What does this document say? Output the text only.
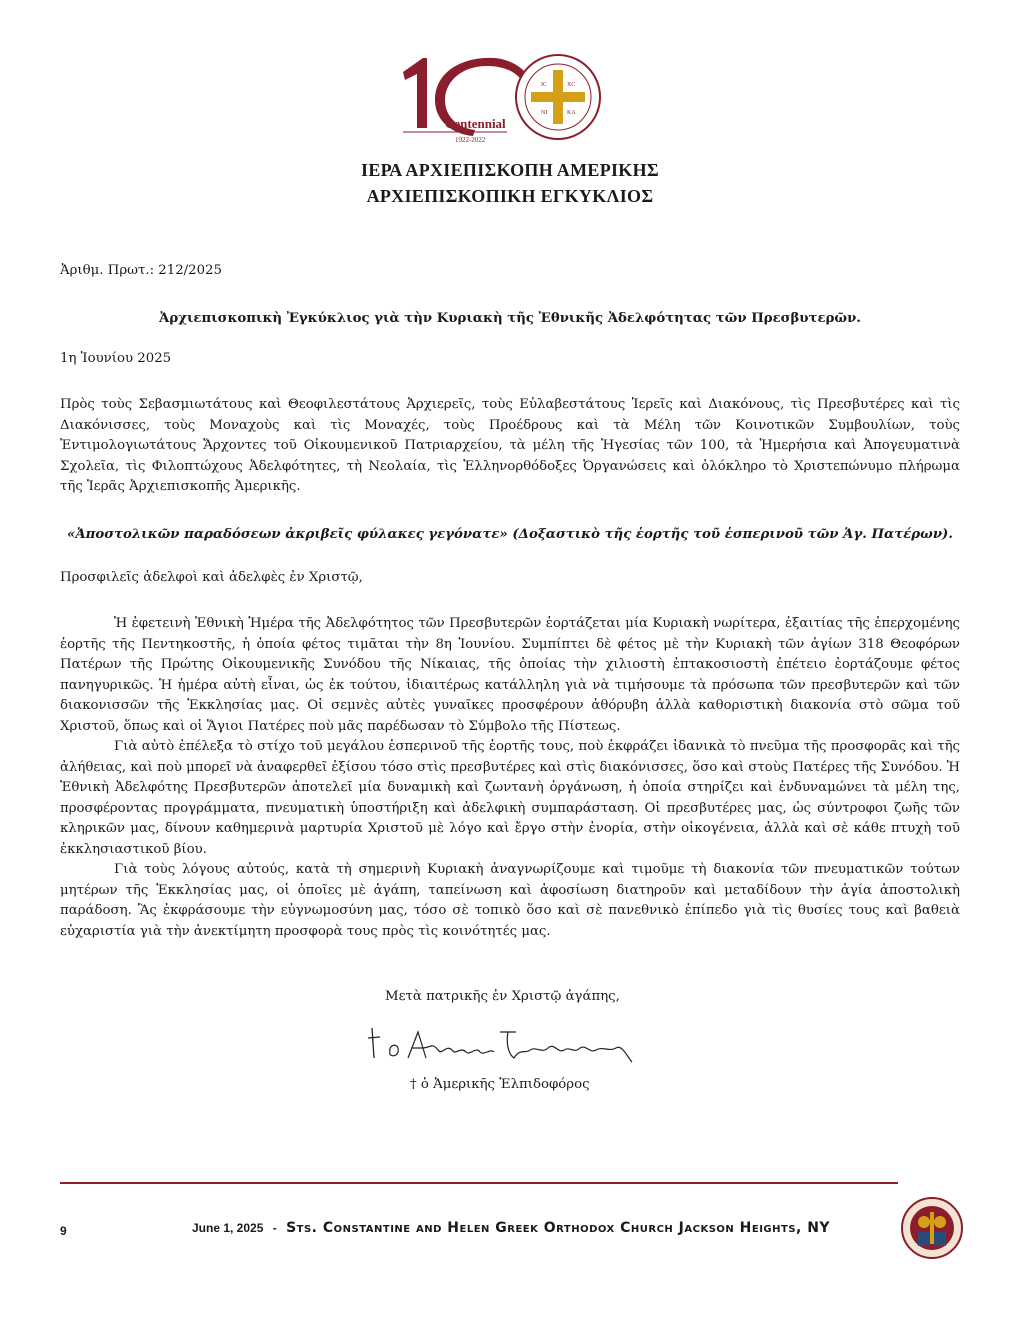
Centennial
1922-2022
IC	XC
NI	KA
ΙΕΡΑ ΑΡΧΙΕΠΙΣΚΟΠΗ ΑΜΕΡΙΚΗΣ
ΑΡΧΙΕΠΙΣΚΟΠΙΚΗ ΕΓΚΥΚΛΙΟΣ
Ἀριθμ. Πρωτ.: 212/2025
Ἀρχιεπισκοπικὴ Ἐγκύκλιος γιὰ τὴν Κυριακὴ τῆς Ἐθνικῆς Ἀδελφότητας τῶν Πρεσβυτερῶν.
1η Ἰουνίου 2025

Πρὸς τοὺς Σεβασμιωτάτους καὶ Θεοφιλεστάτους Ἀρχιερεῖς, τοὺς Εὐλαβεστάτους Ἱερεῖς καὶ Διακόνους, τὶς Πρεσβυτέρες καὶ τὶς Διακόνισσες, τοὺς Μοναχοὺς καὶ τὶς Μοναχές, τοὺς Προέδρους καὶ τὰ Μέλη τῶν Κοινοτικῶν Συμβουλίων, τοὺς Ἐντιμολογιωτάτους Ἄρχοντες τοῦ Οἰκουμενικοῦ Πατριαρχείου, τὰ μέλη τῆς Ἡγεσίας τῶν 100, τὰ Ἡμερήσια καὶ Ἀπογευματινὰ Σχολεῖα, τὶς Φιλοπτώχους Ἀδελφότητες, τὴ Νεολαία, τὶς Ἑλληνορθόδοξες Ὀργανώσεις καὶ ὁλόκληρο τὸ Χριστεπώνυμο πλήρωμα τῆς Ἱερᾶς Ἀρχιεπισκοπῆς Ἀμερικῆς.

«Ἀποστολικῶν παραδόσεων ἀκριβεῖς φύλακες γεγόνατε» (Δοξαστικὸ τῆς ἑορτῆς τοῦ ἑσπερινοῦ τῶν Ἁγ. Πατέρων).
Προσφιλεῖς ἀδελφοὶ καὶ ἀδελφὲς ἐν Χριστῷ,

Ἡ ἐφετεινὴ Ἐθνικὴ Ἡμέρα τῆς Ἀδελφότητος τῶν Πρεσβυτερῶν ἑορτάζεται μία Κυριακὴ νωρίτερα, ἐξαιτίας τῆς ἐπερχομένης ἑορτῆς τῆς Πεντηκοστῆς, ἡ ὁποία φέτος τιμᾶται τὴν 8η Ἰουνίου. Συμπίπτει δὲ φέτος μὲ τὴν Κυριακὴ τῶν ἁγίων 318 Θεοφόρων Πατέρων τῆς Πρώτης Οἰκουμενικῆς Συνόδου τῆς Νίκαιας, τῆς ὁποίας τὴν χιλιοστὴ ἑπτακοσιοστὴ ἐπέτειο ἑορτάζουμε φέτος πανηγυρικῶς. Ἡ ἡμέρα αὐτὴ εἶναι, ὡς ἐκ τούτου, ἰδιαιτέρως κατάλληλη γιὰ νὰ τιμήσουμε τὰ πρόσωπα τῶν πρεσβυτερῶν καὶ τῶν διακονισσῶν τῆς Ἐκκλησίας μας. Οἱ σεμνὲς αὐτὲς γυναῖκες προσφέρουν ἀθόρυβη ἀλλὰ καθοριστικὴ διακονία στὸ σῶμα τοῦ Χριστοῦ, ὅπως καὶ οἱ Ἅγιοι Πατέρες ποὺ μᾶς παρέδωσαν τὸ Σύμβολο τῆς Πίστεως.

Γιὰ αὐτὸ ἐπέλεξα τὸ στίχο τοῦ μεγάλου ἑσπερινοῦ τῆς ἑορτῆς τους, ποὺ ἐκφράζει ἰδανικὰ τὸ πνεῦμα τῆς προσφορᾶς καὶ τῆς ἀλήθειας, καὶ ποὺ μπορεῖ νὰ ἀναφερθεῖ ἐξίσου τόσο στὶς πρεσβυτέρες καὶ στὶς διακόνισσες, ὅσο καὶ στοὺς Πατέρες τῆς Συνόδου. Ἡ Ἐθνικὴ Ἀδελφότης Πρεσβυτερῶν ἀποτελεῖ μία δυναμικὴ καὶ ζωντανὴ ὀργάνωση, ἡ ὁποία στηρίζει καὶ ἐνδυναμώνει τὰ μέλη της, προσφέροντας προγράμματα, πνευματικὴ ὑποστήριξη καὶ ἀδελφικὴ συμπαράσταση. Οἱ πρεσβυτέρες μας, ὡς σύντροφοι ζωῆς τῶν κληρικῶν μας, δίνουν καθημερινὰ μαρτυρία Χριστοῦ μὲ λόγο καὶ ἔργο στὴν ἐνορία, στὴν οἰκογένεια, ἀλλὰ καὶ σὲ κάθε πτυχὴ τοῦ ἐκκλησιαστικοῦ βίου.

Γιὰ τοὺς λόγους αὐτούς, κατὰ τὴ σημερινὴ Κυριακὴ ἀναγνωρίζουμε καὶ τιμοῦμε τὴ διακονία τῶν πνευματικῶν τούτων μητέρων τῆς Ἐκκλησίας μας, οἱ ὁποῖες μὲ ἀγάπη, ταπείνωση καὶ ἀφοσίωση διατηροῦν καὶ μεταδίδουν τὴν ἁγία ἀποστολικὴ παράδοση. Ἂς ἐκφράσουμε τὴν εὐγνωμοσύνη μας, τόσο σὲ τοπικὸ ὅσο καὶ σὲ πανεθνικὸ ἐπίπεδο γιὰ τὶς θυσίες τους καὶ βαθειὰ εὐχαριστία γιὰ τὴν ἀνεκτίμητη προσφορὰ τους πρὸς τὶς κοινότητές μας.

Μετὰ πατρικῆς ἐν Χριστῷ ἀγάπης,
† ὁ Ἀμερικῆς Ἐλπιδοφόρος
9	June 1, 2025 - Sts. Constantine and Helen Greek Orthodox Church Jackson Heights, NY
